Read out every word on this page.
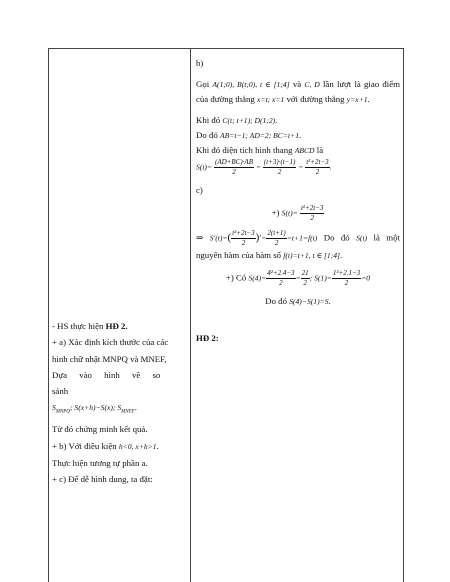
- HS thực hiện HĐ 2.

+ a) Xác định kích thước của các

hình chữ nhật MNPQ và MNEF,

Dựa vào hình vẽ so sánh

$S_{MNPQ}$; S(x+h)−S(x); $S_{MNEF}$.

Từ đó chứng minh kết quả.

+ b) Với điều kiện h<0, x+h>1.

Thực hiện tương tự phần a.

+ c) Để dễ hình dung, ta đặt:

b)

Gọi A(1;0), B(t;0), t ∈ [1;4] và C, D lần lượt là giao điểm của đường thẳng x=t; x=1 với đường thẳng y=x+1.

Khi đó C(t; t+1); D(1;2).

Do đó AB=t−1; AD=2; BC=t+1.

Khi đó diện tích hình thang ABCD là

$S(t)= \frac{(AD+BC)\cdot AB}{2} = \frac{(t+3)\cdot(t-1)}{2} = \frac{\text{t²+2t−3}}{2}$ .

c)

+) $S(t)= \frac{\text{t²+2t−3}}{2}$

⇒ $S'(t)=( \frac{\text{t²+2t−3}}{2}$ )′= $\frac{2(t+1)}{2} =t+1=f(t)$ Do đó S(t) là một nguyên hàm của hàm số f(t)=t+1, t ∈ [1;4].

+) Có $S(4)= \frac{\text{4²+2.4−3}}{2} = \frac{21}{2}$ ; $S(1)= \frac{\text{1²+2.1−3}}{2} =0$

Do đó S(4)−S(1)=S.

HĐ 2:
